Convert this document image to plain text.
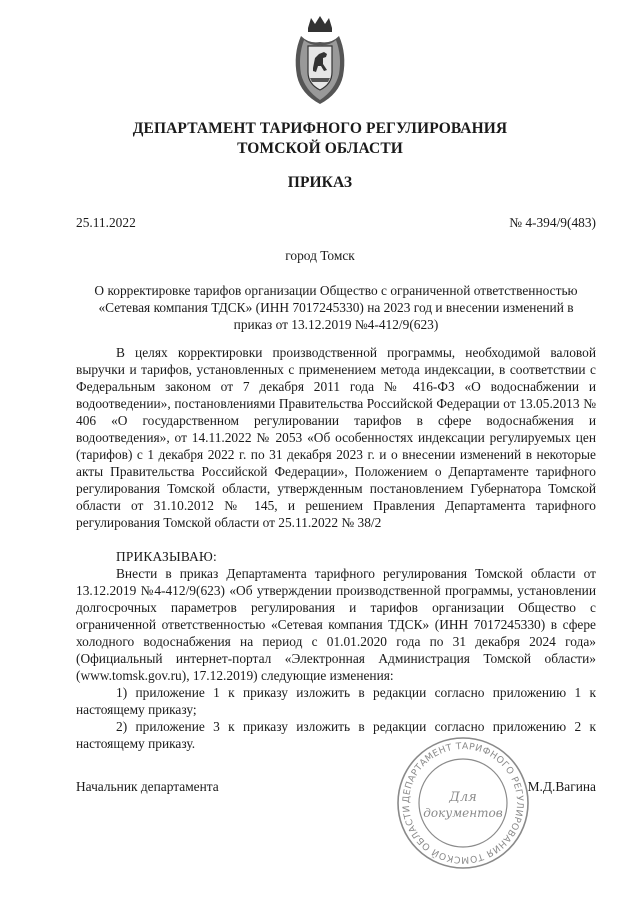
ДЕПАРТАМЕНТ ТАРИФНОГО РЕГУЛИРОВАНИЯ
ТОМСКОЙ ОБЛАСТИ
ПРИКАЗ
25.11.2022	№ 4-394/9(483)
город Томск
О корректировке тарифов организации Общество с ограниченной ответственностью
«Сетевая компания ТДСК» (ИНН 7017245330) на 2023 год и внесении изменений в
приказ от 13.12.2019 №4-412/9(623)

В целях корректировки производственной программы, необходимой валовой выручки и тарифов, установленных с применением метода индексации, в соответствии с Федеральным законом от 7 декабря 2011 года № 416-ФЗ «О водоснабжении и водоотведении», постановлениями Правительства Российской Федерации от 13.05.2013 № 406 «О государственном регулировании тарифов в сфере водоснабжения и водоотведения», от 14.11.2022 № 2053 «Об особенностях индексации регулируемых цен (тарифов) с 1 декабря 2022 г. по 31 декабря 2023 г. и о внесении изменений в некоторые акты Правительства Российской Федерации», Положением о Департаменте тарифного регулирования Томской области, утвержденным постановлением Губернатора Томской области от 31.10.2012 № 145, и решением Правления Департамента тарифного регулирования Томской области от 25.11.2022 № 38/2

ПРИКАЗЫВАЮ:

Внести в приказ Департамента тарифного регулирования Томской области от 13.12.2019 №4-412/9(623) «Об утверждении производственной программы, установлении долгосрочных параметров регулирования и тарифов организации Общество с ограниченной ответственностью «Сетевая компания ТДСК» (ИНН 7017245330) в сфере холодного водоснабжения на период с 01.01.2020 года по 31 декабря 2024 года» (Официальный интернет-портал «Электронная Администрация Томской области» (www.tomsk.gov.ru), 17.12.2019) следующие изменения:

1) приложение 1 к приказу изложить в редакции согласно приложению 1 к настоящему приказу;

2) приложение 3 к приказу изложить в редакции согласно приложению 2 к настоящему приказу.

ДЕПАРТАМЕНТ ТАРИФНОГО РЕГУЛИРОВАНИЯ ТОМСКОЙ ОБЛАСТИ
Для
документов
Начальник департамента	М.Д.Вагина
